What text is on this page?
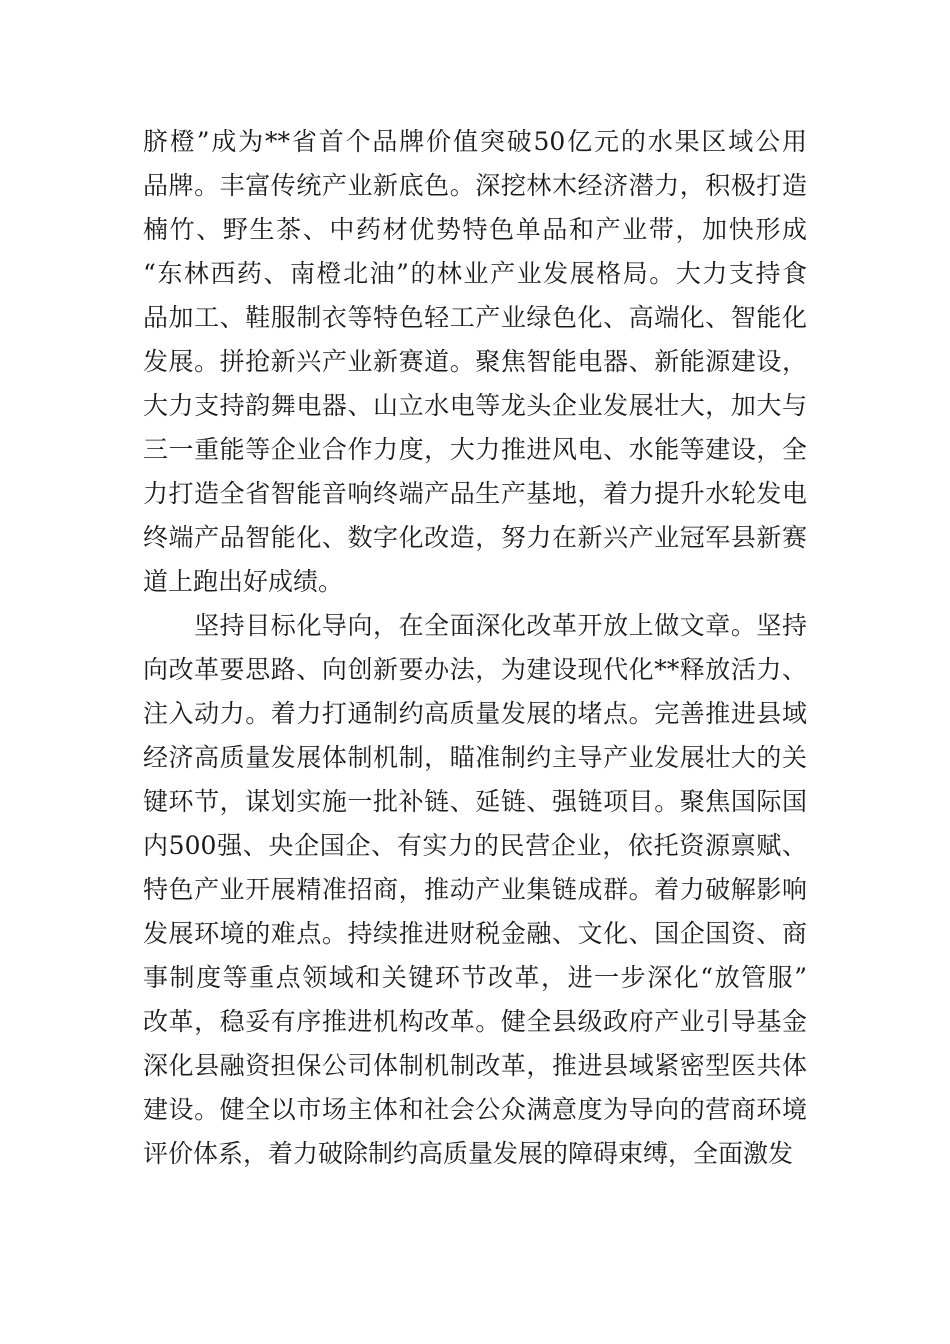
脐橙”成为**省首个品牌价值突破50亿元的水果区域公用
品牌。丰富传统产业新底色。深挖林木经济潜力，积极打造
楠竹、野生茶、中药材优势特色单品和产业带，加快形成
“东林西药、南橙北油”的林业产业发展格局。大力支持食
品加工、鞋服制衣等特色轻工产业绿色化、高端化、智能化
发展。拼抢新兴产业新赛道。聚焦智能电器、新能源建设，
大力支持韵舞电器、山立水电等龙头企业发展壮大，加大与
三一重能等企业合作力度，大力推进风电、水能等建设，全
力打造全省智能音响终端产品生产基地，着力提升水轮发电
终端产品智能化、数字化改造，努力在新兴产业冠军县新赛
道上跑出好成绩。
　　坚持目标化导向，在全面深化改革开放上做文章。坚持
向改革要思路、向创新要办法，为建设现代化**释放活力、
注入动力。着力打通制约高质量发展的堵点。完善推进县域
经济高质量发展体制机制，瞄准制约主导产业发展壮大的关
键环节，谋划实施一批补链、延链、强链项目。聚焦国际国
内500强、央企国企、有实力的民营企业，依托资源禀赋、
特色产业开展精准招商，推动产业集链成群。着力破解影响
发展环境的难点。持续推进财税金融、文化、国企国资、商
事制度等重点领域和关键环节改革，进一步深化“放管服”
改革，稳妥有序推进机构改革。健全县级政府产业引导基金
深化县融资担保公司体制机制改革，推进县域紧密型医共体
建设。健全以市场主体和社会公众满意度为导向的营商环境
评价体系，着力破除制约高质量发展的障碍束缚，全面激发
